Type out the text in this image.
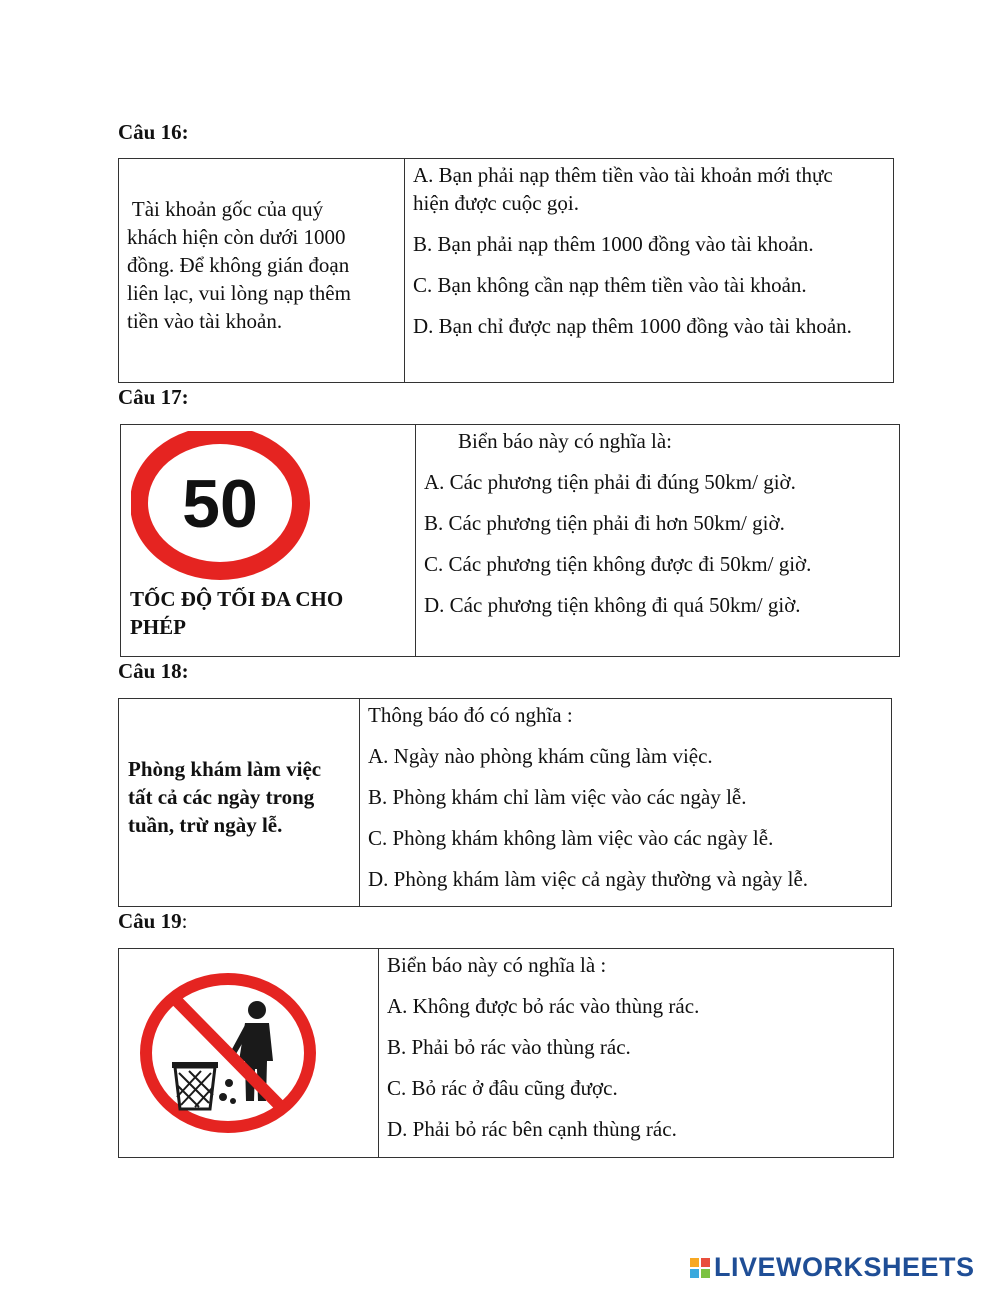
Câu 16:
Tài khoản gốc của quý
khách hiện còn dưới 1000
đồng. Để không gián đoạn
liên lạc, vui lòng nạp thêm
tiền vào tài khoản.
A. Bạn phải nạp thêm tiền vào tài khoản mới thực hiện được cuộc gọi.
B. Bạn phải nạp thêm 1000 đồng vào tài khoản.
C. Bạn không cần nạp thêm tiền vào tài khoản.
D. Bạn chỉ được nạp thêm 1000 đồng vào tài khoản.
Câu 17:
50
TỐC ĐỘ TỐI ĐA CHO
PHÉP
Biển báo này có nghĩa là:
A. Các phương tiện phải đi đúng 50km/ giờ.
B. Các phương tiện phải đi hơn 50km/ giờ.
C. Các phương tiện không được đi 50km/ giờ.
D. Các phương tiện không đi quá 50km/ giờ.
Câu 18:
Phòng khám làm việc
tất cả các ngày trong
tuần, trừ ngày lễ.
Thông báo đó có nghĩa :
A. Ngày nào phòng khám cũng làm việc.
B. Phòng khám chỉ làm việc vào các ngày lễ.
C. Phòng khám không làm việc vào các ngày lễ.
D. Phòng khám làm việc cả ngày thường và ngày lễ.
Câu 19:
Biển báo này có nghĩa là :
A. Không được bỏ rác vào thùng rác.
B. Phải bỏ rác vào thùng rác.
C. Bỏ rác ở đâu cũng được.
D. Phải bỏ rác bên cạnh thùng rác.
LIVEWORKSHEETS
